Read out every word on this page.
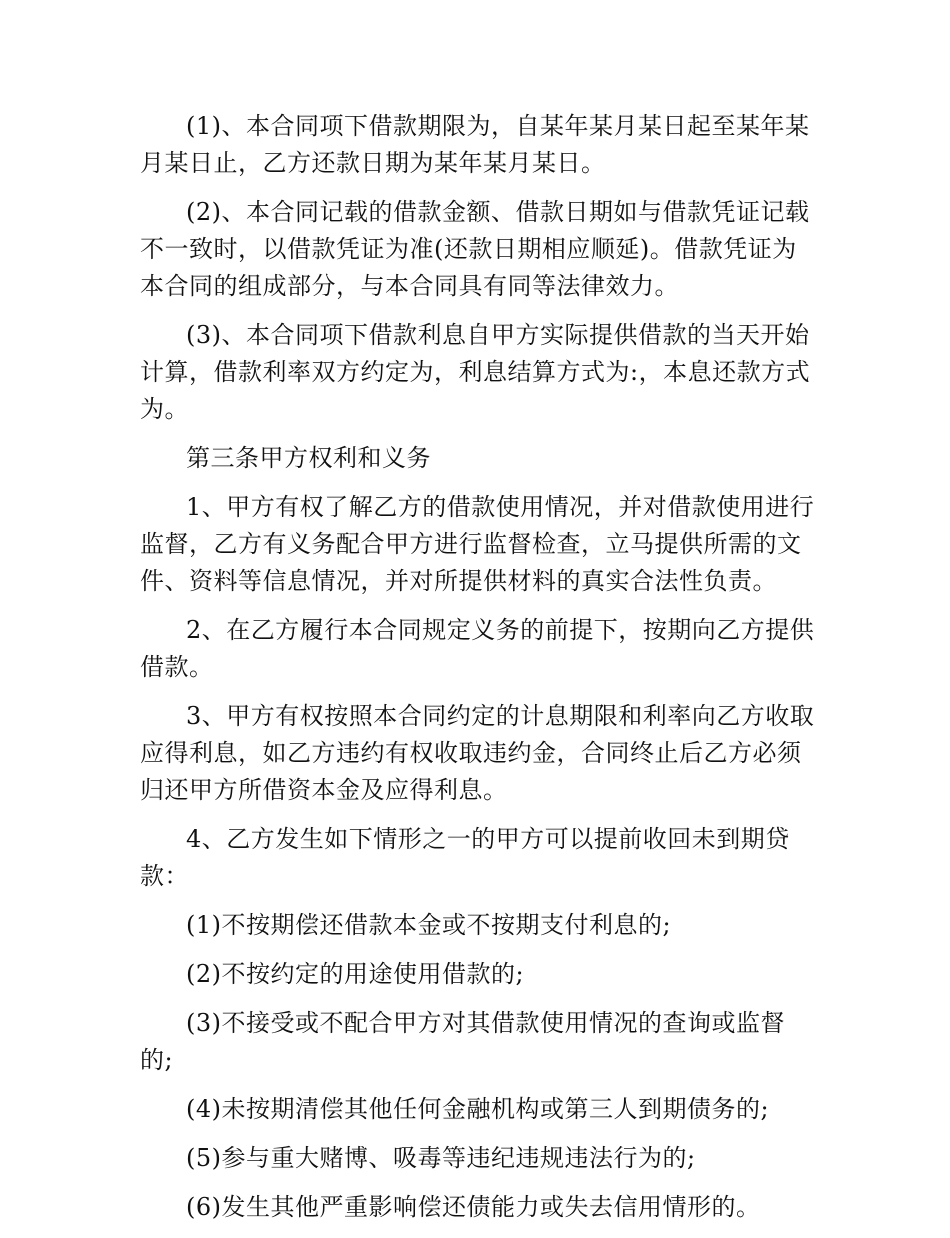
(1)、本合同项下借款期限为，自某年某月某日起至某年某月某日止，乙方还款日期为某年某月某日。

(2)、本合同记载的借款金额、借款日期如与借款凭证记载不一致时，以借款凭证为准(还款日期相应顺延)。借款凭证为本合同的组成部分，与本合同具有同等法律效力。

(3)、本合同项下借款利息自甲方实际提供借款的当天开始计算，借款利率双方约定为，利息结算方式为:，本息还款方式为。

第三条甲方权利和义务

1、甲方有权了解乙方的借款使用情况，并对借款使用进行监督，乙方有义务配合甲方进行监督检查，立马提供所需的文件、资料等信息情况，并对所提供材料的真实合法性负责。

2、在乙方履行本合同规定义务的前提下，按期向乙方提供借款。

3、甲方有权按照本合同约定的计息期限和利率向乙方收取应得利息，如乙方违约有权收取违约金，合同终止后乙方必须归还甲方所借资本金及应得利息。

4、乙方发生如下情形之一的甲方可以提前收回未到期贷款：

(1)不按期偿还借款本金或不按期支付利息的;

(2)不按约定的用途使用借款的;

(3)不接受或不配合甲方对其借款使用情况的查询或监督的;

(4)未按期清偿其他任何金融机构或第三人到期债务的;

(5)参与重大赌博、吸毒等违纪违规违法行为的;

(6)发生其他严重影响偿还债能力或失去信用情形的。
